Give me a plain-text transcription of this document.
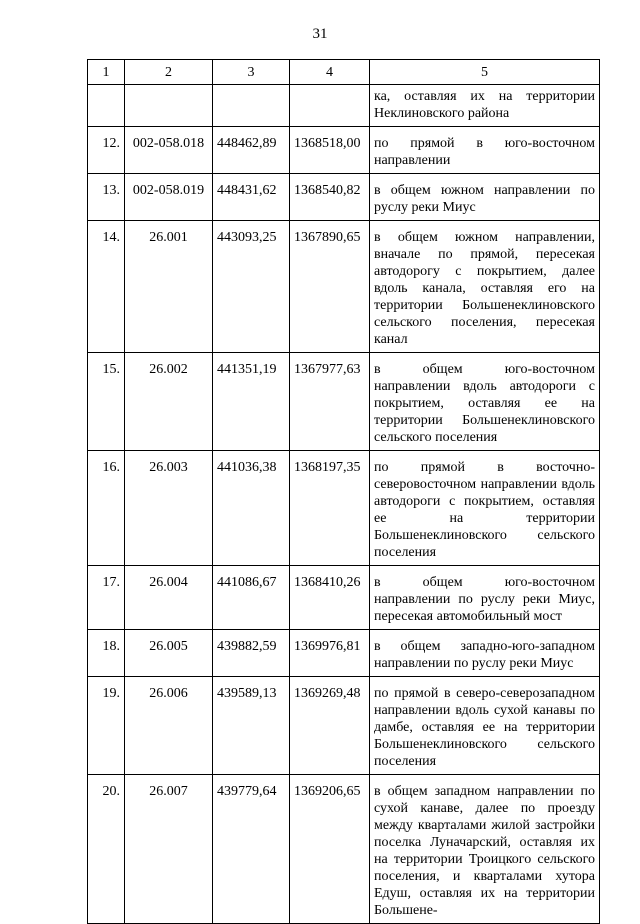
31
1	2	3	4	5
				ка, оставляя их на территории Неклиновского района
12.	002-058.018	448462,89	1368518,00	по прямой в юго-восточном направлении
13.	002-058.019	448431,62	1368540,82	в общем южном направлении по руслу реки Миус
14.	26.001	443093,25	1367890,65	в общем южном направлении, вначале по прямой, пересекая автодорогу с покрытием, далее вдоль канала, оставляя его на территории Большенеклиновского сельского поселения, пересекая канал
15.	26.002	441351,19	1367977,63	в общем юго-восточном направлении вдоль автодороги с покрытием, оставляя ее на территории Большенеклиновского сельского поселения
16.	26.003	441036,38	1368197,35	по прямой в восточно-северовосточном направлении вдоль автодороги с покрытием, оставляя ее на территории Большенеклиновского сельского поселения
17.	26.004	441086,67	1368410,26	в общем юго-восточном направлении по руслу реки Миус, пересекая автомобильный мост
18.	26.005	439882,59	1369976,81	в общем западно-юго-западном направлении по руслу реки Миус
19.	26.006	439589,13	1369269,48	по прямой в северо-северозападном направлении вдоль сухой канавы по дамбе, оставляя ее на территории Большенеклиновского сельского поселения
20.	26.007	439779,64	1369206,65	в общем западном направлении по сухой канаве, далее по проезду между кварталами жилой застройки поселка Луначарский, оставляя их на территории Троицкого сельского поселения, и кварталами хутора Едуш, оставляя их на территории Большене-
